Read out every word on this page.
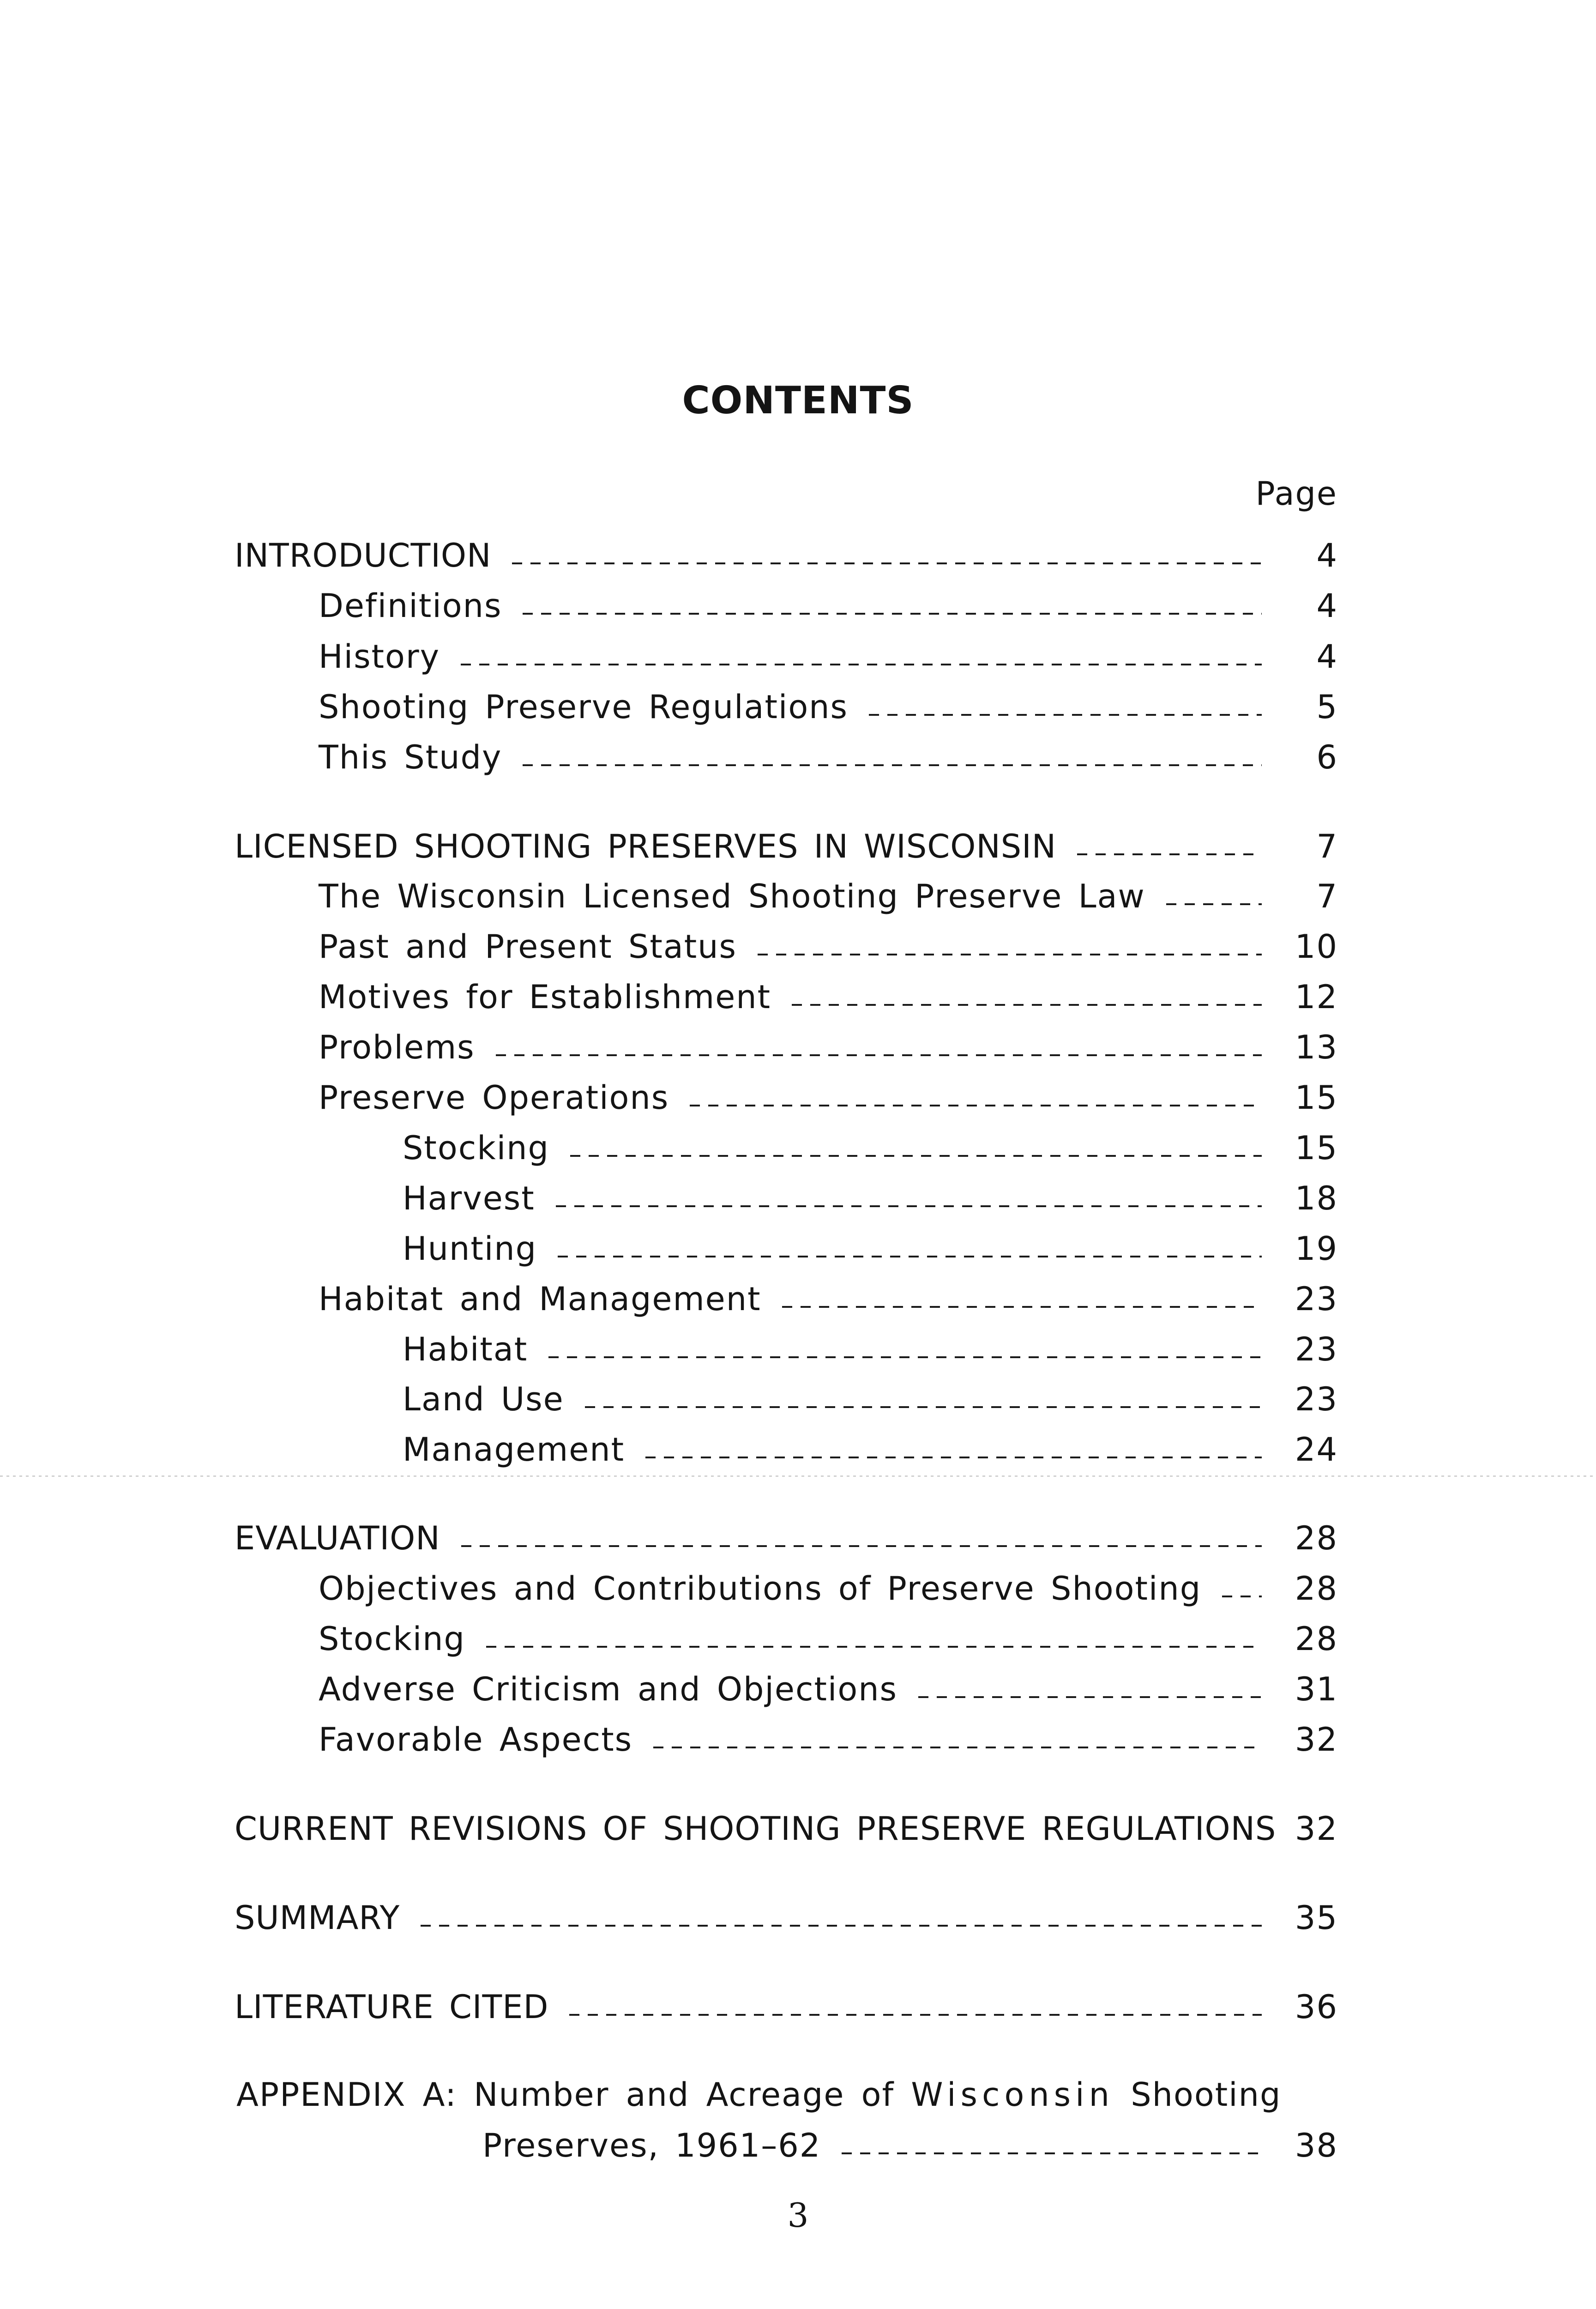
CONTENTS
Page
INTRODUCTION	4
Definitions	4
History	4
Shooting Preserve Regulations	5
This Study	6
LICENSED SHOOTING PRESERVES IN WISCONSIN	7
The Wisconsin Licensed Shooting Preserve Law	7
Past and Present Status	10
Motives for Establishment	12
Problems	13
Preserve Operations	15
Stocking	15
Harvest	18
Hunting	19
Habitat and Management	23
Habitat	23
Land Use	23
Management	24
EVALUATION	28
Objectives and Contributions of Preserve Shooting	28
Stocking	28
Adverse Criticism and Objections	31
Favorable Aspects	32
CURRENT REVISIONS OF SHOOTING PRESERVE REGULATIONS 32
SUMMARY	35
LITERATURE CITED	36
APPENDIX A: Number and Acreage of Wisconsin Shooting
Preserves, 1961–62	38
3
